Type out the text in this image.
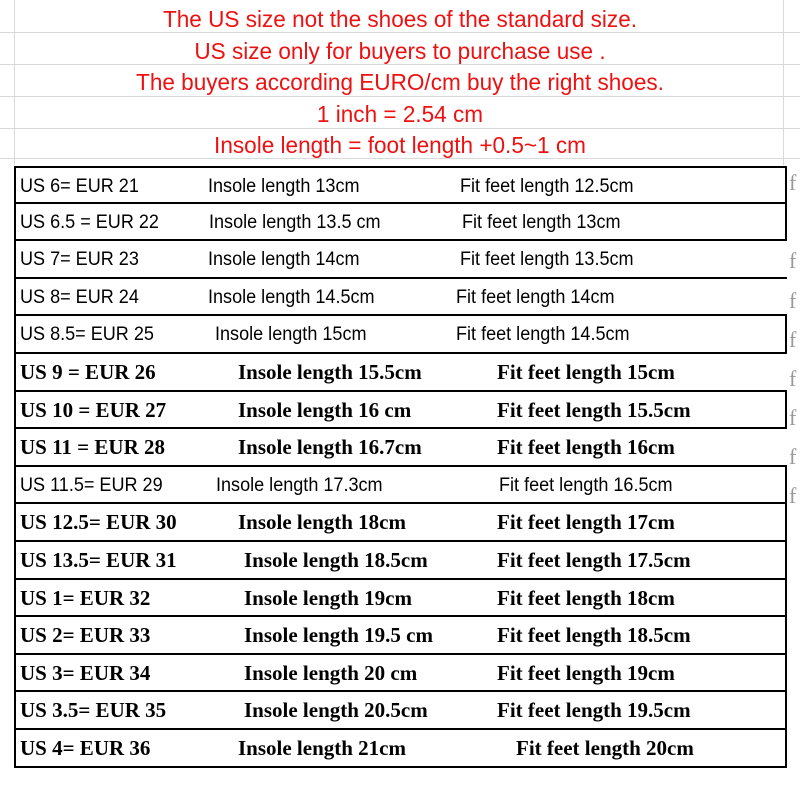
The US size not the shoes of the standard size.
US size only for buyers to purchase use .
The buyers according EURO/cm buy the right shoes.
1 inch = 2.54 cm
Insole length = foot length +0.5~1 cm
US 6= EUR 21	Insole length 13cm	Fit feet length 12.5cm
US 6.5 = EUR 22	Insole length 13.5 cm	Fit feet length 13cm
US 7= EUR 23	Insole length 14cm	Fit feet length 13.5cm
US 8= EUR 24	Insole length 14.5cm	Fit feet length 14cm
US 8.5= EUR 25	Insole length 15cm	Fit feet length 14.5cm
US 9 = EUR 26	Insole length 15.5cm	Fit feet length 15cm
US 10 = EUR 27	Insole length 16 cm	Fit feet length 15.5cm
US 11 = EUR 28	Insole length 16.7cm	Fit feet length 16cm
US 11.5= EUR 29	Insole length 17.3cm	Fit feet length 16.5cm
US 12.5= EUR 30	Insole length 18cm	Fit feet length 17cm
US 13.5= EUR 31	Insole length 18.5cm	Fit feet length 17.5cm
US 1= EUR 32	Insole length 19cm	Fit feet length 18cm
US 2= EUR 33	Insole length 19.5 cm	Fit feet length 18.5cm
US 3= EUR 34	Insole length 20 cm	Fit feet length 19cm
US 3.5= EUR 35	Insole length 20.5cm	Fit feet length 19.5cm
US 4= EUR 36	Insole length 21cm	Fit feet length 20cm
f
f
f
f
f
f
f
f
